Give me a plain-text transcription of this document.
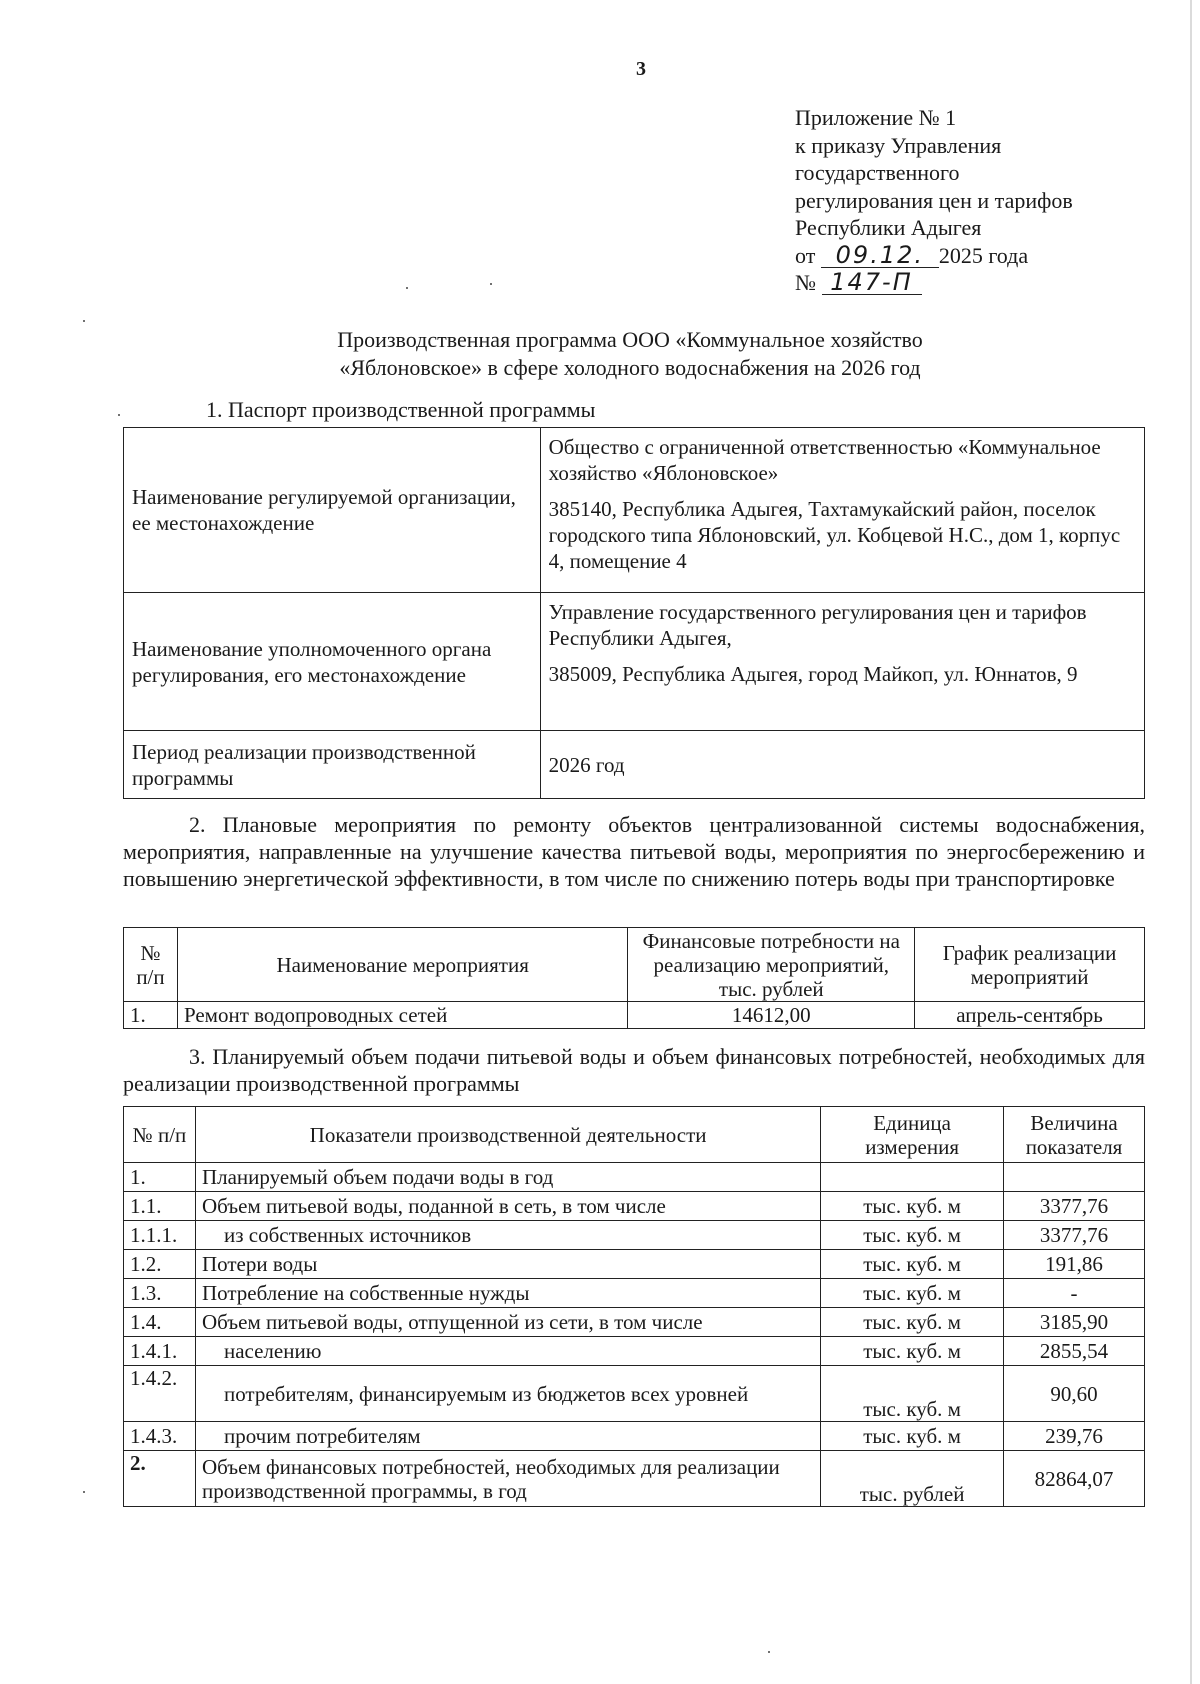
3
Приложение № 1
к приказу Управления
государственного
регулирования цен и тарифов
Республики Адыгея
от 09.12. 2025 года
№ 147-П
Производственная программа ООО «Коммунальное хозяйство
«Яблоновское» в сфере холодного водоснабжения на 2026 год
1. Паспорт производственной программы
Наименование регулируемой организации, ее местонахождение	Общество с ограниченной ответственностью «Коммунальное хозяйство «Яблоновское»

385140, Республика Адыгея, Тахтамукайский район, поселок городского типа Яблоновский, ул. Кобцевой Н.С., дом 1, корпус 4, помещение 4

Наименование уполномоченного органа регулирования, его местонахождение	Управление государственного регулирования цен и тарифов Республики Адыгея,

385009, Республика Адыгея, город Майкоп, ул. Юннатов, 9

Период реализации производственной программы	2026 год
2. Плановые мероприятия по ремонту объектов централизованной системы водоснабжения, мероприятия, направленные на улучшение качества питьевой воды, мероприятия по энергосбережению и повышению энергетической эффективности, в том числе по снижению потерь воды при транспортировке
№ п/п	Наименование мероприятия	Финансовые потребности на реализацию мероприятий, тыс. рублей	График реализации мероприятий
1.	Ремонт водопроводных сетей	14612,00	апрель-сентябрь
3. Планируемый объем подачи питьевой воды и объем финансовых потребностей, необходимых для реализации производственной программы
№ п/п	Показатели производственной деятельности	Единица измерения	Величина показателя
1.	Планируемый объем подачи воды в год		
1.1.	Объем питьевой воды, поданной в сеть, в том числе	тыс. куб. м	3377,76
1.1.1.	из собственных источников	тыс. куб. м	3377,76
1.2.	Потери воды	тыс. куб. м	191,86
1.3.	Потребление на собственные нужды	тыс. куб. м	-
1.4.	Объем питьевой воды, отпущенной из сети, в том числе	тыс. куб. м	3185,90
1.4.1.	населению	тыс. куб. м	2855,54
1.4.2.	потребителям, финансируемым из бюджетов всех уровней	тыс. куб. м	90,60
1.4.3.	прочим потребителям	тыс. куб. м	239,76
2.	Объем финансовых потребностей, необходимых для реализации производственной программы, в год	тыс. рублей	82864,07
